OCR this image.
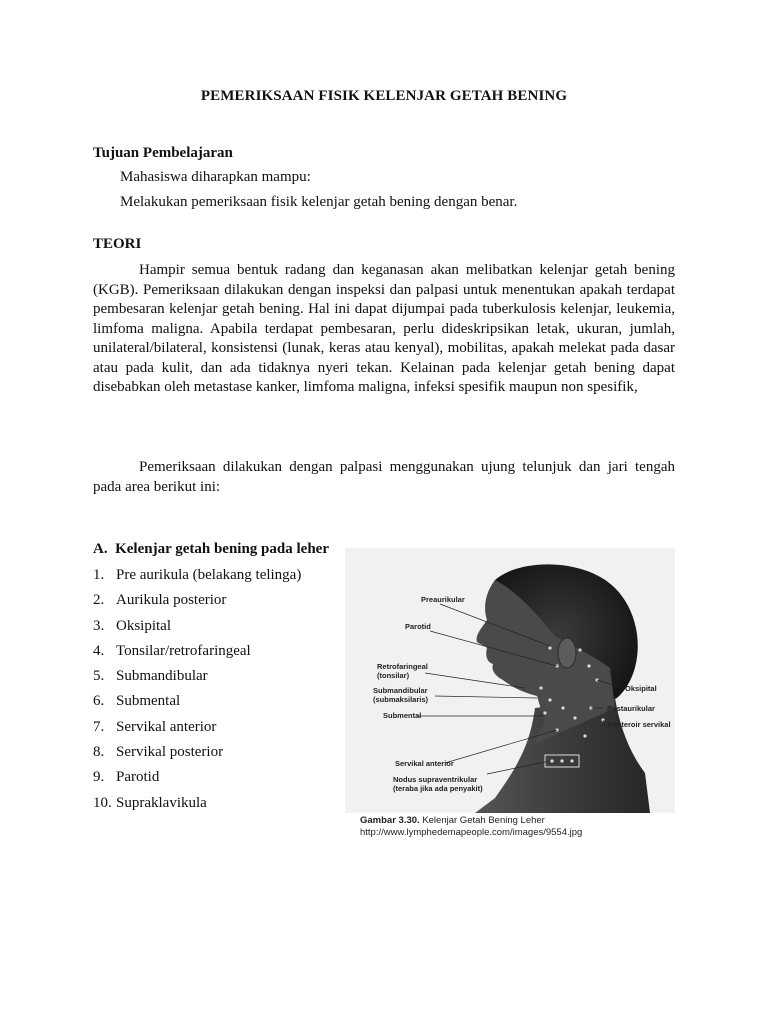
PEMERIKSAAN FISIK KELENJAR GETAH BENING
Tujuan Pembelajaran
Mahasiswa diharapkan mampu:
Melakukan pemeriksaan fisik kelenjar getah bening dengan benar.
TEORI

Hampir semua bentuk radang dan keganasan akan melibatkan kelenjar getah bening (KGB). Pemeriksaan dilakukan dengan inspeksi dan palpasi untuk menentukan apakah terdapat pembesaran kelenjar getah bening. Hal ini dapat dijumpai pada tuberkulosis kelenjar, leukemia, limfoma maligna. Apabila terdapat pembesaran, perlu dideskripsikan letak, ukuran, jumlah, unilateral/bilateral, konsistensi (lunak, keras atau kenyal), mobilitas, apakah melekat pada dasar atau pada kulit, dan ada tidaknya nyeri tekan. Kelainan pada kelenjar getah bening dapat disebabkan oleh metastase kanker, limfoma maligna, infeksi spesifik maupun non spesifik,

Pemeriksaan dilakukan dengan palpasi menggunakan ujung telunjuk dan jari tengah pada area berikut ini:

A.  Kelenjar getah bening pada leher
1. Pre aurikula (belakang telinga)
2. Aurikula posterior
3. Oksipital
4. Tonsilar/retrofaringeal
5. Submandibular
6. Submental
7. Servikal anterior
8. Servikal posterior
9. Parotid
10. Supraklavikula
Preaurikular
Parotid
Retrofaringeal
(tonsilar)
Submandibular
(submaksilaris)
Submental
Oksipital
Postaurikular
- Posteroir servikal
Servikal anterior
Nodus supraventrikular
(teraba jika ada penyakit)
Gambar 3.30. Kelenjar Getah Bening Leher
http://www.lymphedemapeople.com/images/9554.jpg
